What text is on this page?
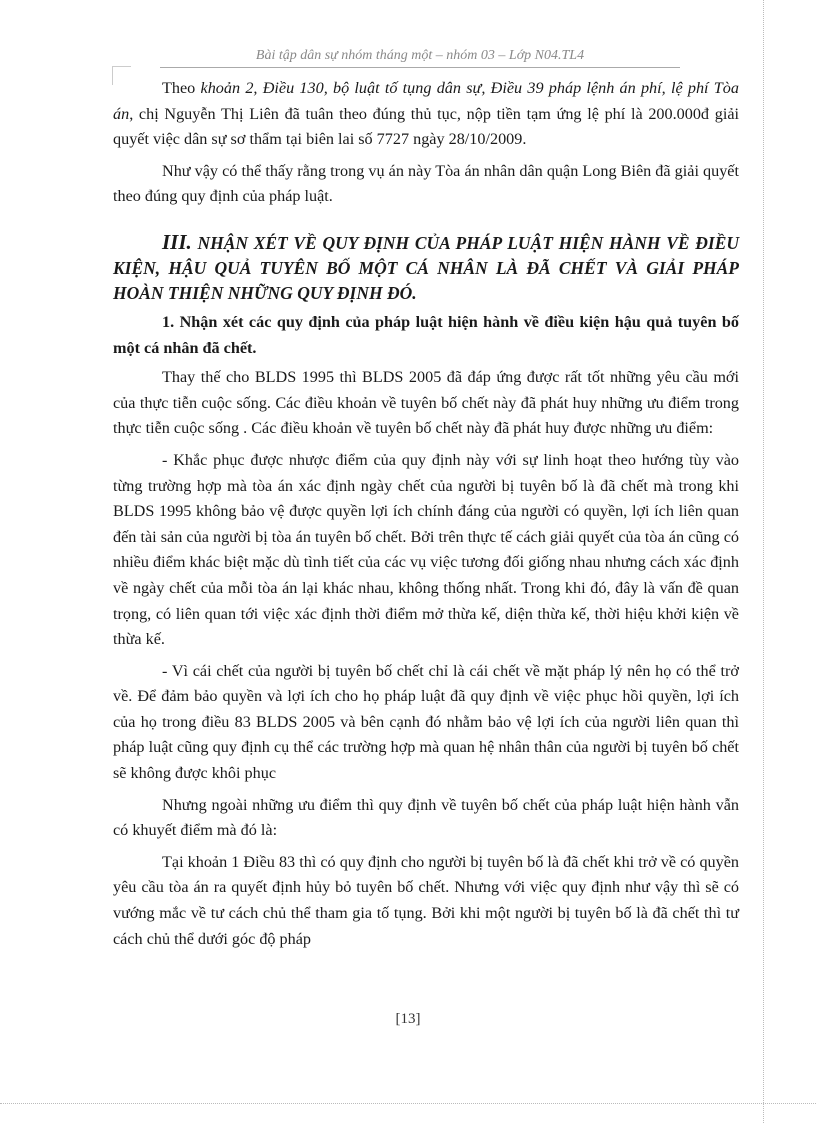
Bài tập dân sự nhóm tháng một – nhóm 03 – Lớp N04.TL4

Theo khoản 2, Điều 130, bộ luật tố tụng dân sự, Điều 39 pháp lệnh án phí, lệ phí Tòa án, chị Nguyễn Thị Liên đã tuân theo đúng thủ tục, nộp tiền tạm ứng lệ phí là 200.000đ giải quyết việc dân sự sơ thẩm tại biên lai số 7727 ngày 28/10/2009.

Như vậy có thể thấy rằng trong vụ án này Tòa án nhân dân quận Long Biên đã giải quyết theo đúng quy định của pháp luật.

III. NHẬN XÉT VỀ QUY ĐỊNH CỦA PHÁP LUẬT HIỆN HÀNH VỀ ĐIỀU KIỆN, HẬU QUẢ TUYÊN BỐ MỘT CÁ NHÂN LÀ ĐÃ CHẾT VÀ GIẢI PHÁP HOÀN THIỆN NHỮNG QUY ĐỊNH ĐÓ.
1. Nhận xét các quy định của pháp luật hiện hành về điều kiện hậu quả tuyên bố một cá nhân đã chết.

Thay thế cho BLDS 1995 thì BLDS 2005 đã đáp ứng được rất tốt những yêu cầu mới của thực tiễn cuộc sống. Các điều khoản về tuyên bố chết này đã phát huy những ưu điểm trong thực tiễn cuộc sống . Các điều khoản về tuyên bố chết này đã phát huy được những ưu điểm:

- Khắc phục được nhược điểm của quy định này với sự linh hoạt theo hướng tùy vào từng trường hợp mà tòa án xác định ngày chết của người bị tuyên bố là đã chết mà trong khi BLDS 1995 không bảo vệ được quyền lợi ích chính đáng của người có quyền, lợi ích liên quan đến tài sản của người bị tòa án tuyên bố chết. Bởi trên thực tế cách giải quyết của tòa án cũng có nhiều điểm khác biệt mặc dù tình tiết của các vụ việc tương đối giống nhau nhưng cách xác định về ngày chết của mỗi tòa án lại khác nhau, không thống nhất. Trong khi đó, đây là vấn đề quan trọng, có liên quan tới việc xác định thời điểm mở thừa kế, diện thừa kế, thời hiệu khởi kiện về thừa kế.

- Vì cái chết của người bị tuyên bố chết chỉ là cái chết về mặt pháp lý nên họ có thể trở về. Để đảm bảo quyền và lợi ích cho họ pháp luật đã quy định về việc phục hồi quyền, lợi ích của họ trong điều 83 BLDS 2005 và bên cạnh đó nhằm bảo vệ lợi ích của người liên quan thì pháp luật cũng quy định cụ thể các trường hợp mà quan hệ nhân thân của người bị tuyên bố chết sẽ không được khôi phục

Nhưng ngoài những ưu điểm thì quy định về tuyên bố chết của pháp luật hiện hành vẫn có khuyết điểm mà đó là:

Tại khoản 1 Điều 83 thì có quy định cho người bị tuyên bố là đã chết khi trở về có quyền yêu cầu tòa án ra quyết định hủy bỏ tuyên bố chết. Nhưng với việc quy định như vậy thì sẽ có vướng mắc về tư cách chủ thể tham gia tố tụng. Bởi khi một người bị tuyên bố là đã chết thì tư cách chủ thể dưới góc độ pháp

[13]
